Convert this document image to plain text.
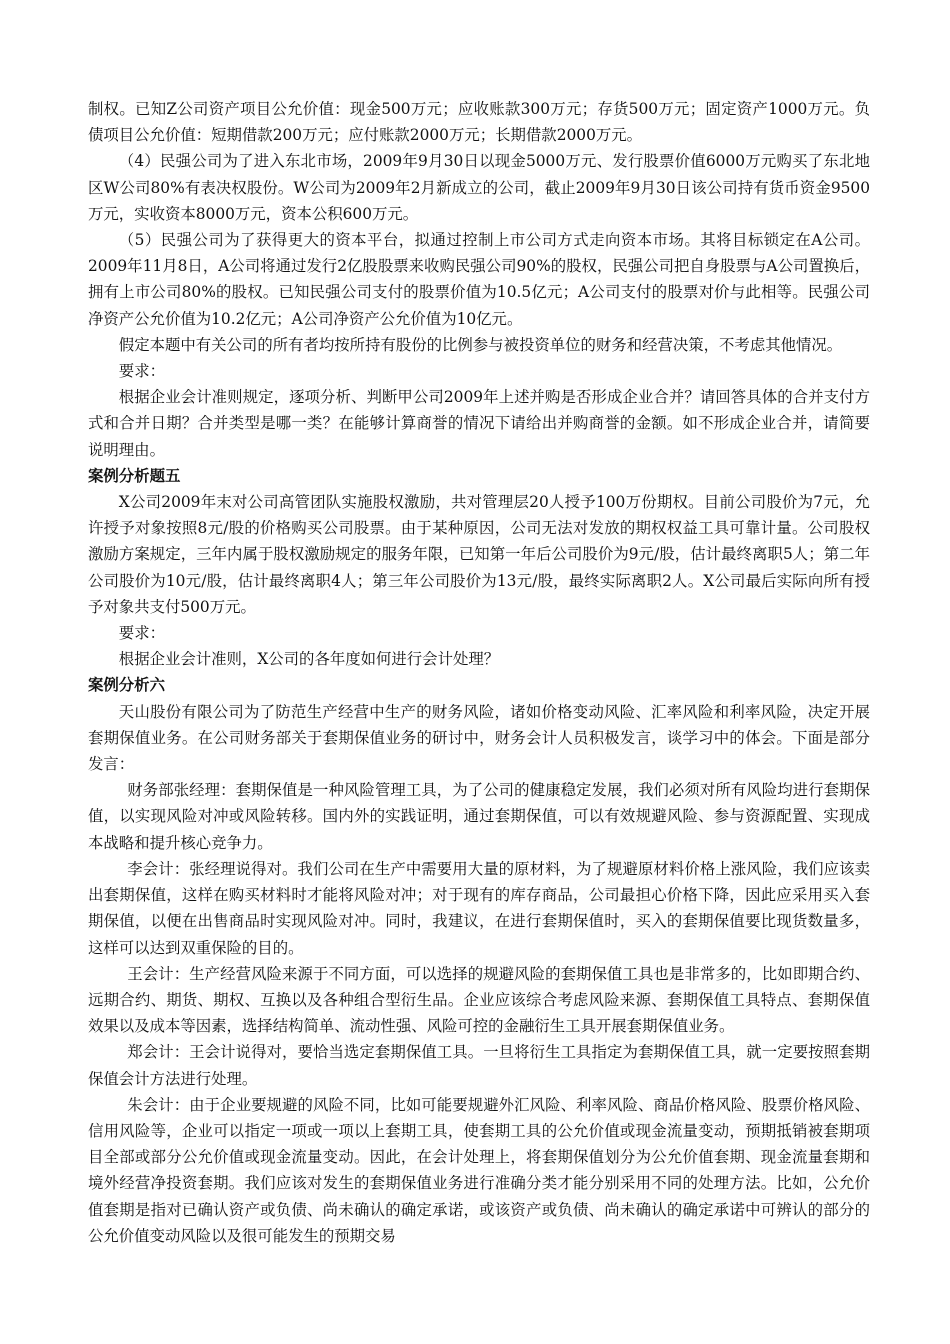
制权。已知Z公司资产项目公允价值：现金500万元；应收账款300万元；存货500万元；固定资产1000万元。负债项目公允价值：短期借款200万元；应付账款2000万元；长期借款2000万元。

（4）民强公司为了进入东北市场，2009年9月30日以现金5000万元、发行股票价值6000万元购买了东北地区W公司80%有表决权股份。W公司为2009年2月新成立的公司，截止2009年9月30日该公司持有货币资金9500万元，实收资本8000万元，资本公积600万元。

（5）民强公司为了获得更大的资本平台，拟通过控制上市公司方式走向资本市场。其将目标锁定在A公司。2009年11月8日，A公司将通过发行2亿股股票来收购民强公司90%的股权，民强公司把自身股票与A公司置换后，拥有上市公司80%的股权。已知民强公司支付的股票价值为10.5亿元；A公司支付的股票对价与此相等。民强公司净资产公允价值为10.2亿元；A公司净资产公允价值为10亿元。

假定本题中有关公司的所有者均按所持有股份的比例参与被投资单位的财务和经营决策，不考虑其他情况。

要求：

根据企业会计准则规定，逐项分析、判断甲公司2009年上述并购是否形成企业合并？请回答具体的合并支付方式和合并日期？合并类型是哪一类？在能够计算商誉的情况下请给出并购商誉的金额。如不形成企业合并，请简要说明理由。

案例分析题五

X公司2009年末对公司高管团队实施股权激励，共对管理层20人授予100万份期权。目前公司股价为7元，允许授予对象按照8元/股的价格购买公司股票。由于某种原因，公司无法对发放的期权权益工具可靠计量。公司股权激励方案规定，三年内属于股权激励规定的服务年限，已知第一年后公司股价为9元/股，估计最终离职5人；第二年公司股价为10元/股，估计最终离职4人；第三年公司股价为13元/股，最终实际离职2人。X公司最后实际向所有授予对象共支付500万元。

要求：

根据企业会计准则，X公司的各年度如何进行会计处理？

案例分析六

天山股份有限公司为了防范生产经营中生产的财务风险，诸如价格变动风险、汇率风险和利率风险，决定开展套期保值业务。在公司财务部关于套期保值业务的研讨中，财务会计人员积极发言，谈学习中的体会。下面是部分发言：

财务部张经理：套期保值是一种风险管理工具，为了公司的健康稳定发展，我们必须对所有风险均进行套期保值，以实现风险对冲或风险转移。国内外的实践证明，通过套期保值，可以有效规避风险、参与资源配置、实现成本战略和提升核心竞争力。

李会计：张经理说得对。我们公司在生产中需要用大量的原材料，为了规避原材料价格上涨风险，我们应该卖出套期保值，这样在购买材料时才能将风险对冲；对于现有的库存商品，公司最担心价格下降，因此应采用买入套期保值，以便在出售商品时实现风险对冲。同时，我建议，在进行套期保值时，买入的套期保值要比现货数量多，这样可以达到双重保险的目的。

王会计：生产经营风险来源于不同方面，可以选择的规避风险的套期保值工具也是非常多的，比如即期合约、远期合约、期货、期权、互换以及各种组合型衍生品。企业应该综合考虑风险来源、套期保值工具特点、套期保值效果以及成本等因素，选择结构简单、流动性强、风险可控的金融衍生工具开展套期保值业务。

郑会计：王会计说得对，要恰当选定套期保值工具。一旦将衍生工具指定为套期保值工具，就一定要按照套期保值会计方法进行处理。

朱会计：由于企业要规避的风险不同，比如可能要规避外汇风险、利率风险、商品价格风险、股票价格风险、信用风险等，企业可以指定一项或一项以上套期工具，使套期工具的公允价值或现金流量变动，预期抵销被套期项目全部或部分公允价值或现金流量变动。因此，在会计处理上，将套期保值划分为公允价值套期、现金流量套期和境外经营净投资套期。我们应该对发生的套期保值业务进行准确分类才能分别采用不同的处理方法。比如，公允价值套期是指对已确认资产或负债、尚未确认的确定承诺，或该资产或负债、尚未确认的确定承诺中可辨认的部分的公允价值变动风险以及很可能发生的预期交易
